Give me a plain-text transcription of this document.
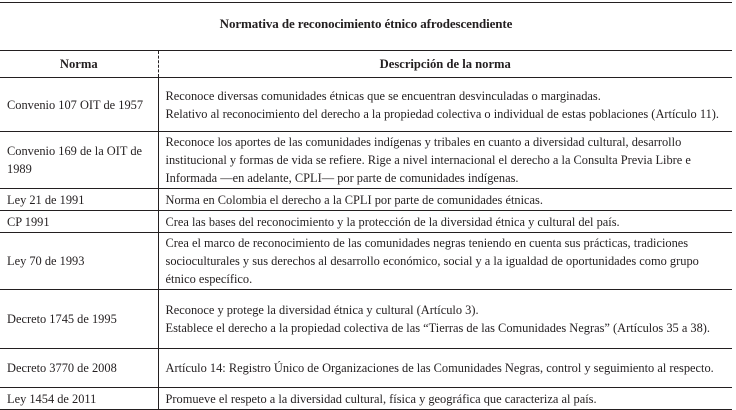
Normativa de reconocimiento étnico afrodescendiente
Norma	Descripción de la norma
Convenio 107 OIT de 1957	Reconoce diversas comunidades étnicas que se encuentran desvinculadas o marginadas.
Relativo al reconocimiento del derecho a la propiedad colectiva o individual de estas poblaciones (Artículo 11).

Convenio 169 de la OIT de 1989	Reconoce los aportes de las comunidades indígenas y tribales en cuanto a diversidad cultural, desarrollo institucional y formas de vida se refiere. Rige a nivel internacional el derecho a la Consulta Previa Libre e Informada —en adelante, CPLI— por parte de comunidades indígenas.

Ley 21 de 1991	Norma en Colombia el derecho a la CPLI por parte de comunidades étnicas.

CP 1991	Crea las bases del reconocimiento y la protección de la diversidad étnica y cultural del país.

Ley 70 de 1993	Crea el marco de reconocimiento de las comunidades negras teniendo en cuenta sus prácticas, tradiciones socioculturales y sus derechos al desarrollo económico, social y a la igualdad de oportunidades como grupo étnico específico.

Decreto 1745 de 1995	Reconoce y protege la diversidad étnica y cultural (Artículo 3).
Establece el derecho a la propiedad colectiva de las “Tierras de las Comunidades Negras” (Artículos 35 a 38).

Decreto 3770 de 2008	Artículo 14: Registro Único de Organizaciones de las Comunidades Negras, control y seguimiento al respecto.

Ley 1454 de 2011	Promueve el respeto a la diversidad cultural, física y geográfica que caracteriza al país.
